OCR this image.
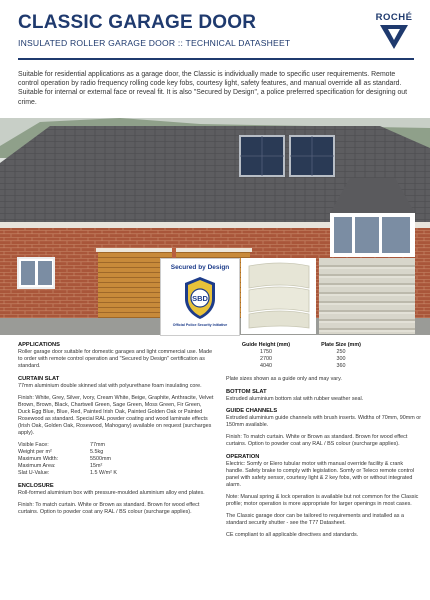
CLASSIC GARAGE DOOR
INSULATED ROLLER GARAGE DOOR :: TECHNICAL DATASHEET
ROCHÉ

Suitable for residential applications as a garage door, the Classic is individually made to specific user requirements. Remote control operation by radio frequency rolling code key fobs, courtesy light, safety features, and manual override all as standard. Suitable for internal or external face or reveal fit. It is also "Secured by Design", a police preferred specification for designing out crime.

Secured by Design
SBD
Official Police Security Initiative

APPLICATIONS

Roller garage door suitable for domestic garages and light commercial use. Made to order with remote control operation and "Secured by Design" certification as standard.

CURTAIN SLAT

77mm aluminium double skinned slat with polyurethane foam insulating core.

Finish: White, Grey, Silver, Ivory, Cream White, Beige, Graphite, Anthracite, Velvet Brown, Brown, Black, Chartwell Green, Sage Green, Moss Green, Fir Green, Duck Egg Blue, Blue, Red, Painted Irish Oak, Painted Golden Oak or Painted Rosewood as standard. Special RAL powder coating and wood laminate effects (Irish Oak, Golden Oak, Rosewood, Mahogany) available on request (surcharges apply).

Visible Face:	77mm
Weight per m²	5.5kg
Maximum Width:	5500mm
Maximum Area:	15m²
Slat U-Value:	1.5 W/m² K

ENCLOSURE

Roll-formed aluminium box with pressure-moulded aluminium alloy end plates.

Finish: To match curtain. White or Brown as standard. Brown for wood effect curtains. Option to powder coat any RAL / BS colour (surcharge applies).

Guide Height (mm)	Plate Size (mm)
1750	250
2700	300
4040	360

Plate sizes shown as a guide only and may vary.

BOTTOM SLAT

Extruded aluminium bottom slat with rubber weather seal.

GUIDE CHANNELS

Extruded aluminium guide channels with brush inserts. Widths of 70mm, 90mm or 150mm available.

Finish: To match curtain. White or Brown as standard. Brown for wood effect curtains. Option to powder coat any RAL / BS colour (surcharge applies).

OPERATION

Electric: Somfy or Elero tubular motor with manual override facility & crank handle. Safety brake to comply with legislation. Somfy or Teleco remote control panel with safety sensor, courtesy light & 2 key fobs, with or without integrated alarm.

Note: Manual spring & lock operation is available but not common for the Classic profile; motor operation is more appropriate for larger openings in most cases.

The Classic garage door can be tailored to requirements and installed as a standard security shutter - see the T77 Datasheet.

CE compliant to all applicable directives and standards.
